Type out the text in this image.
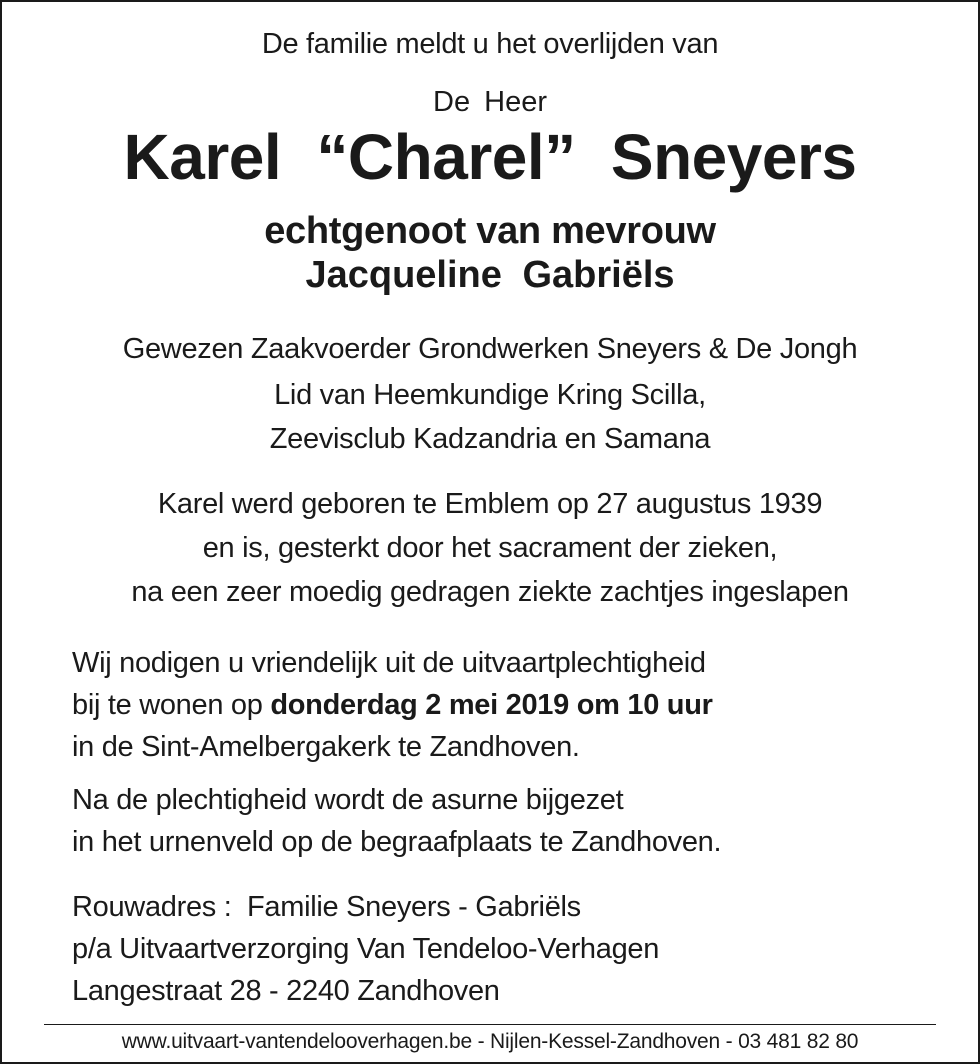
De familie meldt u het overlijden van
De Heer
Karel “Charel” Sneyers
echtgenoot van mevrouw
Jacqueline Gabriëls
Gewezen Zaakvoerder Grondwerken Sneyers & De Jongh
Lid van Heemkundige Kring Scilla,
Zeevisclub Kadzandria en Samana
Karel werd geboren te Emblem op 27 augustus 1939
en is, gesterkt door het sacrament der zieken,
na een zeer moedig gedragen ziekte zachtjes ingeslapen
Wij nodigen u vriendelijk uit de uitvaartplechtigheid
bij te wonen op donderdag 2 mei 2019 om 10 uur
in de Sint-Amelbergakerk te Zandhoven.
Na de plechtigheid wordt de asurne bijgezet
in het urnenveld op de begraafplaats te Zandhoven.
Rouwadres :  Familie Sneyers - Gabriëls
p/a Uitvaartverzorging Van Tendeloo-Verhagen
Langestraat 28 - 2240 Zandhoven
www.uitvaart-vantendelooverhagen.be - Nijlen-Kessel-Zandhoven - 03 481 82 80
